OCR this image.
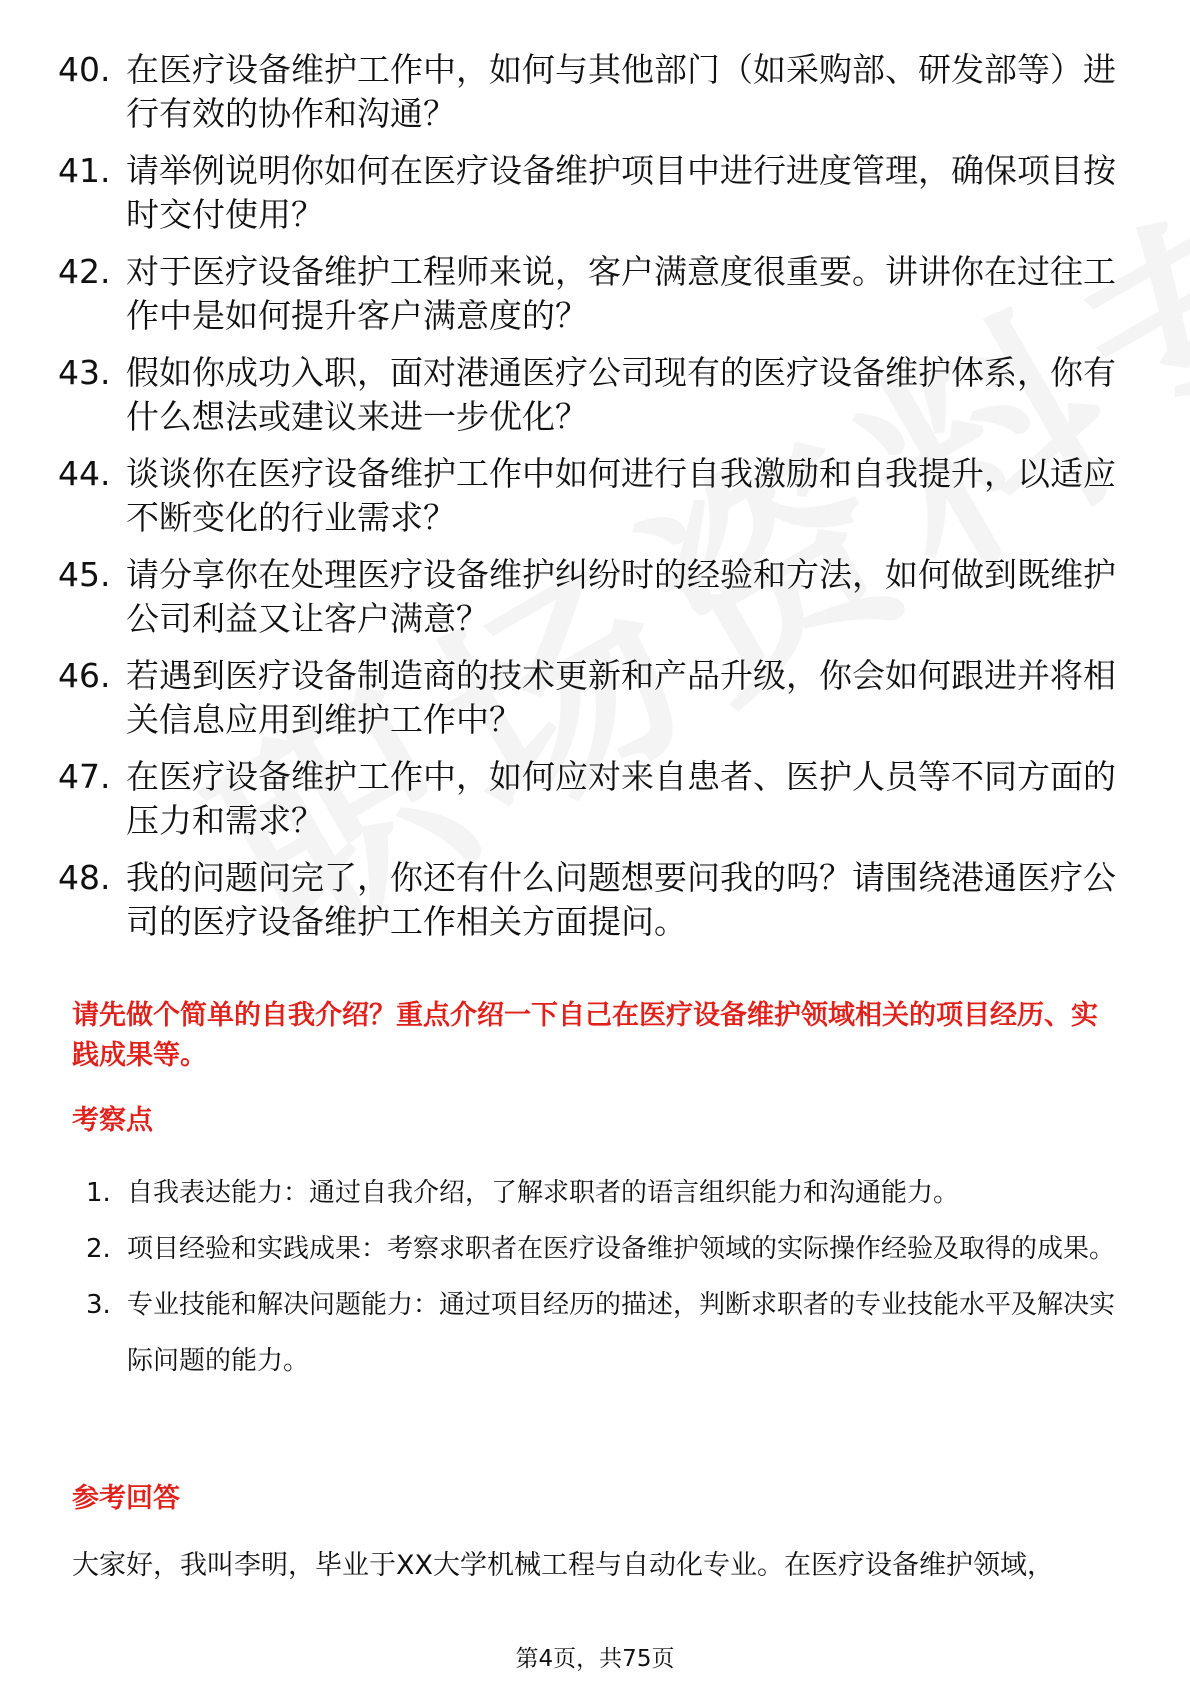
40. 在医疗设备维护工作中，如何与其他部门（如采购部、研发部等）进行有效的协作和沟通？
41. 请举例说明你如何在医疗设备维护项目中进行进度管理，确保项目按时交付使用？
42. 对于医疗设备维护工程师来说，客户满意度很重要。讲讲你在过往工作中是如何提升客户满意度的？
43. 假如你成功入职，面对港通医疗公司现有的医疗设备维护体系，你有什么想法或建议来进一步优化？
44. 谈谈你在医疗设备维护工作中如何进行自我激励和自我提升，以适应不断变化的行业需求？
45. 请分享你在处理医疗设备维护纠纷时的经验和方法，如何做到既维护公司利益又让客户满意？
46. 若遇到医疗设备制造商的技术更新和产品升级，你会如何跟进并将相关信息应用到维护工作中？
47. 在医疗设备维护工作中，如何应对来自患者、医护人员等不同方面的压力和需求？
48. 我的问题问完了，你还有什么问题想要问我的吗？请围绕港通医疗公司的医疗设备维护工作相关方面提问。

请先做个简单的自我介绍？重点介绍一下自己在医疗设备维护领域相关的项目经历、实践成果等。

考察点

1. 自我表达能力：通过自我介绍，了解求职者的语言组织能力和沟通能力。
2. 项目经验和实践成果：考察求职者在医疗设备维护领域的实际操作经验及取得的成果。
3. 专业技能和解决问题能力：通过项目经历的描述，判断求职者的专业技能水平及解决实际问题的能力。

参考回答

大家好，我叫李明，毕业于XX大学机械工程与自动化专业。在医疗设备维护领域，

第4页，共75页
